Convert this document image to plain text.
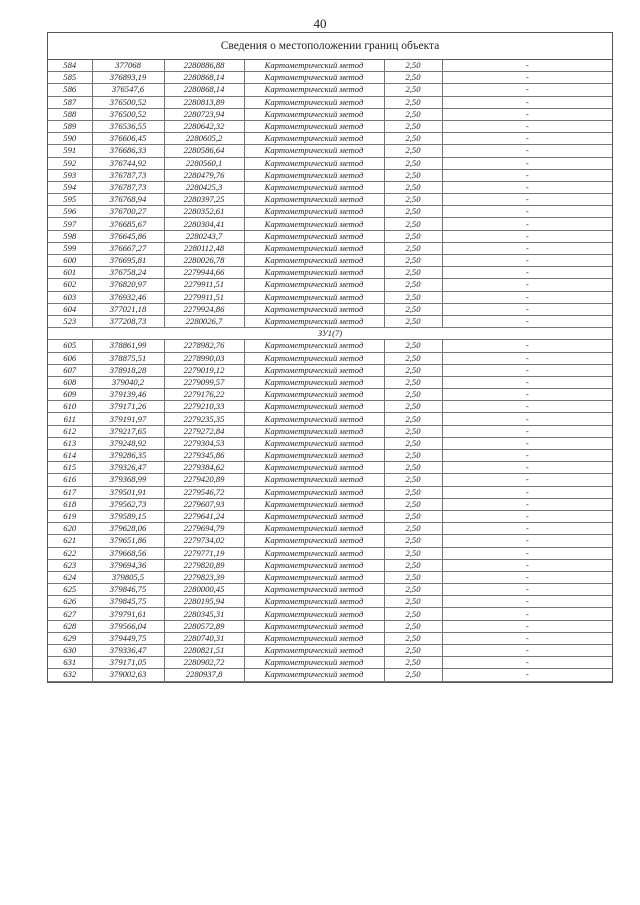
40
Сведения о местоположении границ объекта
584	377068	2280886,88	Картометрический метод	2,50	-
585	376893,19	2280868,14	Картометрический метод	2,50	-
586	376547,6	2280868,14	Картометрический метод	2,50	-
587	376500,52	2280813,89	Картометрический метод	2,50	-
588	376500,52	2280723,94	Картометрический метод	2,50	-
589	376536,55	2280642,32	Картометрический метод	2,50	-
590	376606,45	2280605,2	Картометрический метод	2,50	-
591	376686,33	2280586,64	Картометрический метод	2,50	-
592	376744,92	2280560,1	Картометрический метод	2,50	-
593	376787,73	2280479,76	Картометрический метод	2,50	-
594	376787,73	2280425,3	Картометрический метод	2,50	-
595	376768,94	2280397,25	Картометрический метод	2,50	-
596	376700,27	2280352,61	Картометрический метод	2,50	-
597	376685,67	2280304,41	Картометрический метод	2,50	-
598	376645,86	2280243,7	Картометрический метод	2,50	-
599	376667,27	2280112,48	Картометрический метод	2,50	-
600	376695,81	2280026,78	Картометрический метод	2,50	-
601	376758,24	2279944,66	Картометрический метод	2,50	-
602	376820,97	2279911,51	Картометрический метод	2,50	-
603	376932,46	2279911,51	Картометрический метод	2,50	-
604	377021,18	2279924,86	Картометрический метод	2,50	-
523	377208,73	2280026,7	Картометрический метод	2,50	-
ЗУ1(7)					
605	378861,99	2278982,76	Картометрический метод	2,50	-
606	378875,51	2278990,03	Картометрический метод	2,50	-
607	378918,28	2279019,12	Картометрический метод	2,50	-
608	379040,2	2279099,57	Картометрический метод	2,50	-
609	379139,46	2279176,22	Картометрический метод	2,50	-
610	379171,26	2279210,33	Картометрический метод	2,50	-
611	379191,97	2279235,35	Картометрический метод	2,50	-
612	379217,65	2279272,84	Картометрический метод	2,50	-
613	379248,92	2279304,53	Картометрический метод	2,50	-
614	379286,35	2279345,86	Картометрический метод	2,50	-
615	379326,47	2279384,62	Картометрический метод	2,50	-
616	379368,99	2279420,89	Картометрический метод	2,50	-
617	379501,91	2279546,72	Картометрический метод	2,50	-
618	379562,73	2279607,93	Картометрический метод	2,50	-
619	379589,15	2279641,24	Картометрический метод	2,50	-
620	379628,06	2279694,79	Картометрический метод	2,50	-
621	379651,86	2279734,02	Картометрический метод	2,50	-
622	379668,56	2279771,19	Картометрический метод	2,50	-
623	379694,36	2279820,89	Картометрический метод	2,50	-
624	379805,5	2279823,39	Картометрический метод	2,50	-
625	379846,75	2280000,45	Картометрический метод	2,50	-
626	379845,75	2280195,94	Картометрический метод	2,50	-
627	379791,61	2280345,31	Картометрический метод	2,50	-
628	379566,04	2280572,89	Картометрический метод	2,50	-
629	379449,75	2280740,31	Картометрический метод	2,50	-
630	379336,47	2280821,51	Картометрический метод	2,50	-
631	379171,05	2280902,72	Картометрический метод	2,50	-
632	379002,63	2280937,8	Картометрический метод	2,50	-
